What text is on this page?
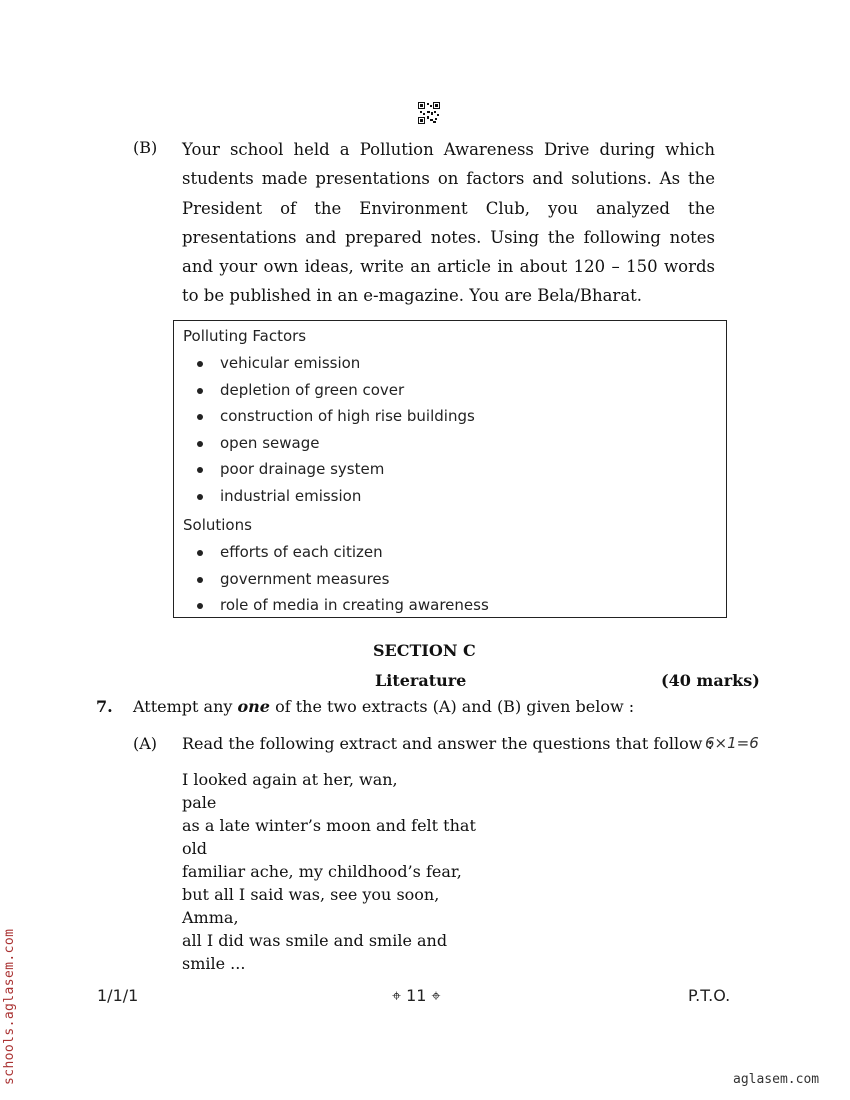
(B) Your school held a Pollution Awareness Drive during which students made presentations on factors and solutions. As the President of the Environment Club, you analyzed the presentations and prepared notes. Using the following notes and your own ideas, write an article in about 120 – 150 words to be published in an e-magazine. You are Bela/Bharat.
Polluting Factors
vehicular emission
depletion of green cover
construction of high rise buildings
open sewage
poor drainage system
industrial emission
Solutions
efforts of each citizen
government measures
role of media in creating awareness
SECTION C
Literature	(40 marks)
7. Attempt any one of the two extracts (A) and (B) given below :
(A) Read the following extract and answer the questions that follow :
6×1=6
I looked again at her, wan,
pale
as a late winter’s moon and felt that
old
familiar ache, my childhood’s fear,
but all I said was, see you soon,
Amma,
all I did was smile and smile and
smile ...
1/1/1	⌖ 11 ⌖	P.T.O.
schools.aglasem.com	aglasem.com
